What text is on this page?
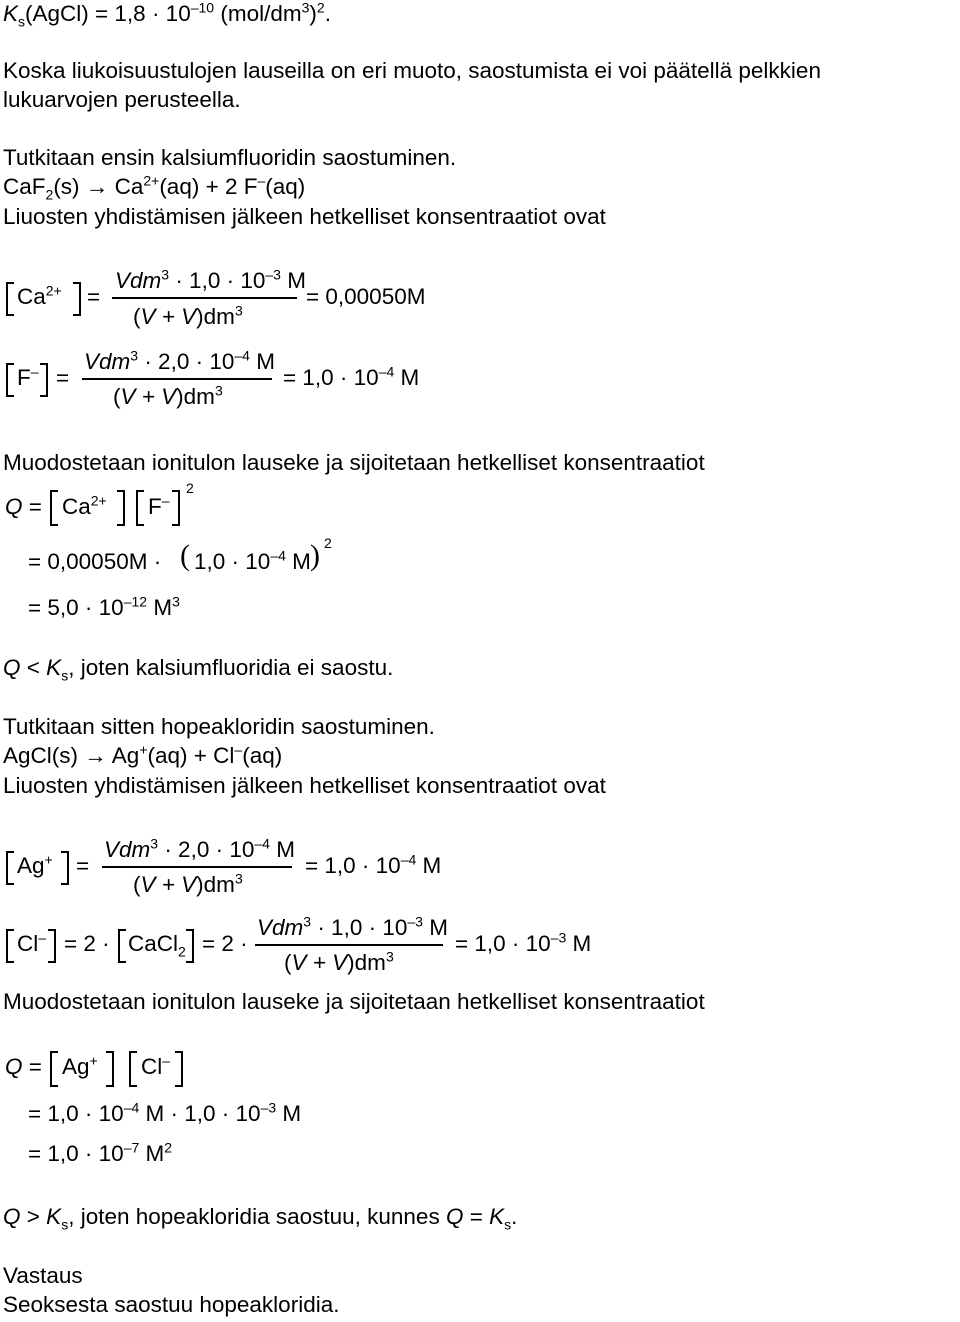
$K_s(AgCl) = 1,8 \cdot 10^{-10}$ $(mol/dm^3)^2$.
Koska liukoisuustulojen lauseilla on eri muoto, saostumista ei voi päätellä pelkkien
lukuarvojen perusteella.
Tutkitaan ensin kalsiumfluoridin saostuminen.
$CaF_2(s) \to Ca^{2+}(aq) + 2$ F–(aq)
Liuosten yhdistämisen jälkeen hetkelliset konsentraatiot ovat
$Ca^{2+}$ =
$Vdm^3 \cdot 1,0 \cdot 10^{-3}$ M
$(V + V)dm^3$
= 0,00050M
F– =
$Vdm^3 \cdot 2,0 \cdot 10^{-4}$ M
$(V + V)dm^3$
= $1,0 \cdot 10^{-4}$ M
Muodostetaan ionitulon lauseke ja sijoitetaan hetkelliset konsentraatiot
$Q = Ca^{2+}$ F–
2
= 0,00050M · ( $1,0 \cdot 10^{-4}$ M ) 2
= $5,0 \cdot 10^{-12}$ $M^3$
$Q < K_s$, joten kalsiumfluoridia ei saostu.
Tutkitaan sitten hopeakloridin saostuminen.
AgCl(s) → Ag+(aq) + Cl–(aq)
Liuosten yhdistämisen jälkeen hetkelliset konsentraatiot ovat
Ag+ =
$Vdm^3 \cdot 2,0 \cdot 10^{-4}$ M
$(V + V)dm^3$
= $1,0 \cdot 10^{-4}$ M
Cl– = 2 · CaCl$_2$ = 2 ·
$Vdm^3 \cdot 1,0 \cdot 10^{-3}$ M
$(V + V)dm^3$
= $1,0 \cdot 10^{-3}$ M
Muodostetaan ionitulon lauseke ja sijoitetaan hetkelliset konsentraatiot
Q = Ag+ Cl–
= $1,0 \cdot 10^{-4}$ $M \cdot 1,0 \cdot 10^{-3}$ M
= $1,0 \cdot 10^{-7}$ $M^2$
$Q > K_s$, joten hopeakloridia saostuu, kunnes $Q = K_s$.
Vastaus
Seoksesta saostuu hopeakloridia.
